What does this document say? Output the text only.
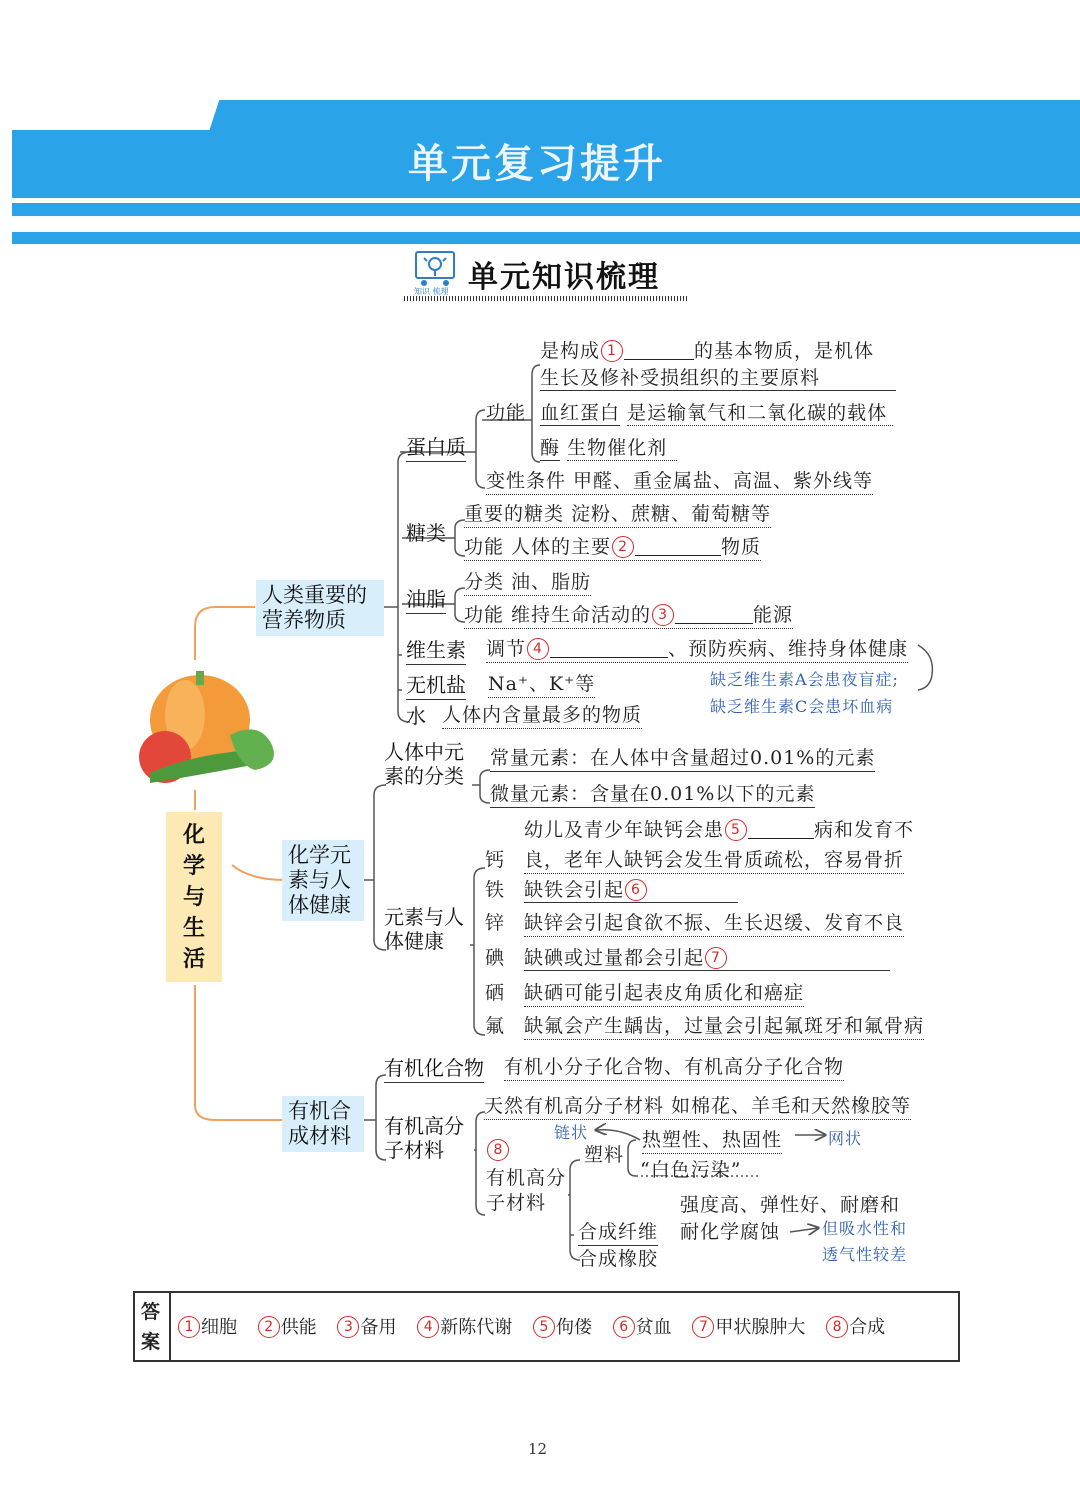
单元复习提升
知识 梳理 单元知识梳理
化学与生活
人类重要的营养物质
化学元素与人体健康
有机合成材料
蛋白质
功能
是构成 1	的基本物质，是机体
生长及修补受损组织的主要原料
血红蛋白 是运输氧气和二氧化碳的载体
酶 生物催化剂
变性条件 甲醛、重金属盐、高温、紫外线等
糖类
重要的糖类 淀粉、蔗糖、葡萄糖等
功能 人体的主要 2	物质
油脂
分类 油、脂肪
功能 维持生命活动的 3	能源
维生素 调节 4	、预防疾病、维持身体健康
缺乏维生素A会患夜盲症;
缺乏维生素C会患坏血病
无机盐 Na⁺、K⁺等
水 人体内含量最多的物质
人体中元素的分类
常量元素：在人体中含量超过0.01%的元素
微量元素：含量在0.01%以下的元素
元素与人体健康
钙
幼儿及青少年缺钙会患 5	病和发育不
良，老年人缺钙会发生骨质疏松，容易骨折
铁 缺铁会引起 6
锌 缺锌会引起食欲不振、生长迟缓、发育不良
碘 缺碘或过量都会引起 7
硒 缺硒可能引起表皮角质化和癌症
氟 缺氟会产生龋齿，过量会引起氟斑牙和氟骨病
有机化合物 有机小分子化合物、有机高分子化合物
有机高分子材料
天然有机高分子材料 如棉花、羊毛和天然橡胶等
8
有机高分子材料
塑料
链状	热塑性、热固性	网状
“白色污染”
强度高、弹性好、耐磨和
合成纤维 耐化学腐蚀	但吸水性和
透气性较差
合成橡胶
答案
1 细胞 2 供能 3 备用 4 新陈代谢 5 佝偻 6 贫血 7 甲状腺肿大 8 合成
12
